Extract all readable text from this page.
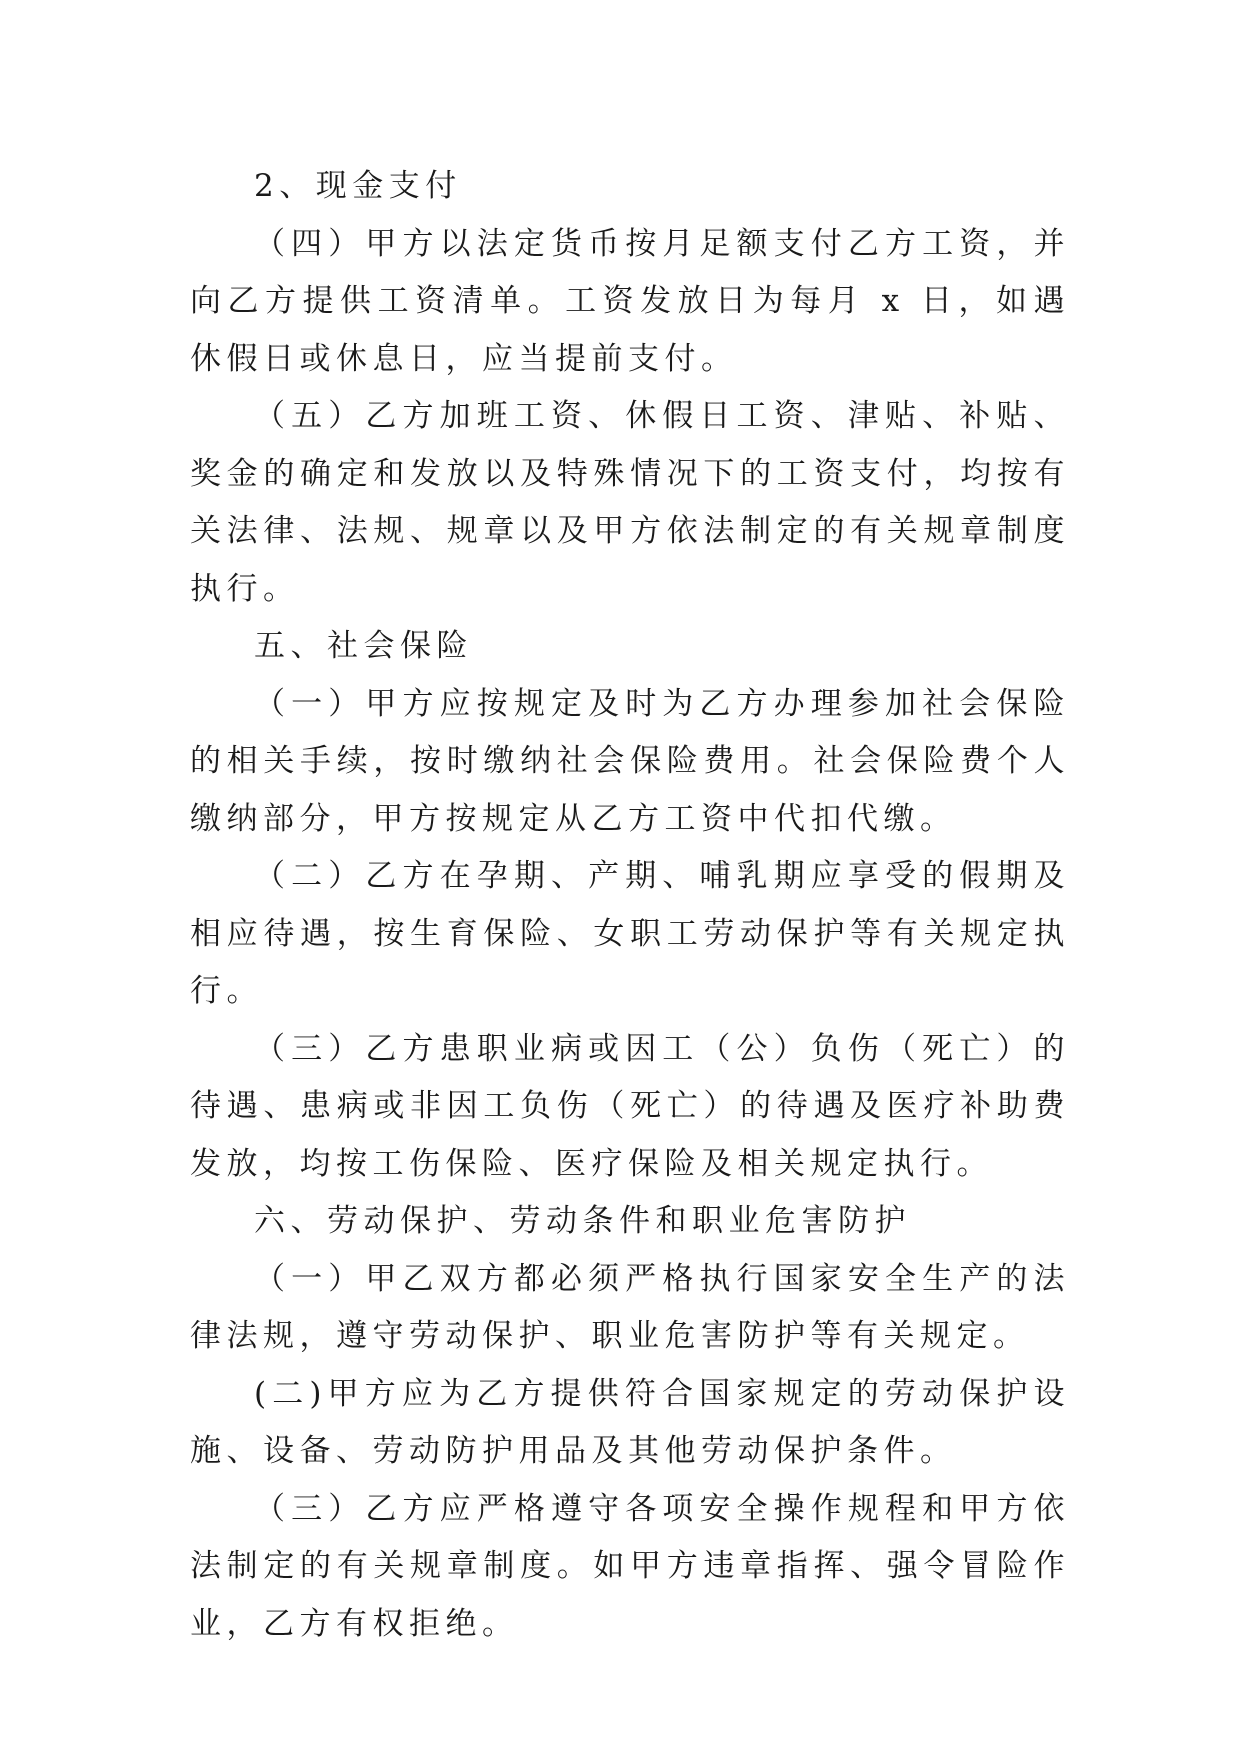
2、现金支付

（四）甲方以法定货币按月足额支付乙方工资，并向乙方提供工资清单。工资发放日为每月 x 日，如遇休假日或休息日，应当提前支付。

（五）乙方加班工资、休假日工资、津贴、补贴、奖金的确定和发放以及特殊情况下的工资支付，均按有关法律、法规、规章以及甲方依法制定的有关规章制度执行。

五、社会保险

（一）甲方应按规定及时为乙方办理参加社会保险的相关手续，按时缴纳社会保险费用。社会保险费个人缴纳部分，甲方按规定从乙方工资中代扣代缴。

（二）乙方在孕期、产期、哺乳期应享受的假期及相应待遇，按生育保险、女职工劳动保护等有关规定执行。

（三）乙方患职业病或因工（公）负伤（死亡）的待遇、患病或非因工负伤（死亡）的待遇及医疗补助费发放，均按工伤保险、医疗保险及相关规定执行。

六、劳动保护、劳动条件和职业危害防护

（一）甲乙双方都必须严格执行国家安全生产的法律法规，遵守劳动保护、职业危害防护等有关规定。

(二)甲方应为乙方提供符合国家规定的劳动保护设施、设备、劳动防护用品及其他劳动保护条件。

（三）乙方应严格遵守各项安全操作规程和甲方依法制定的有关规章制度。如甲方违章指挥、强令冒险作业，乙方有权拒绝。
